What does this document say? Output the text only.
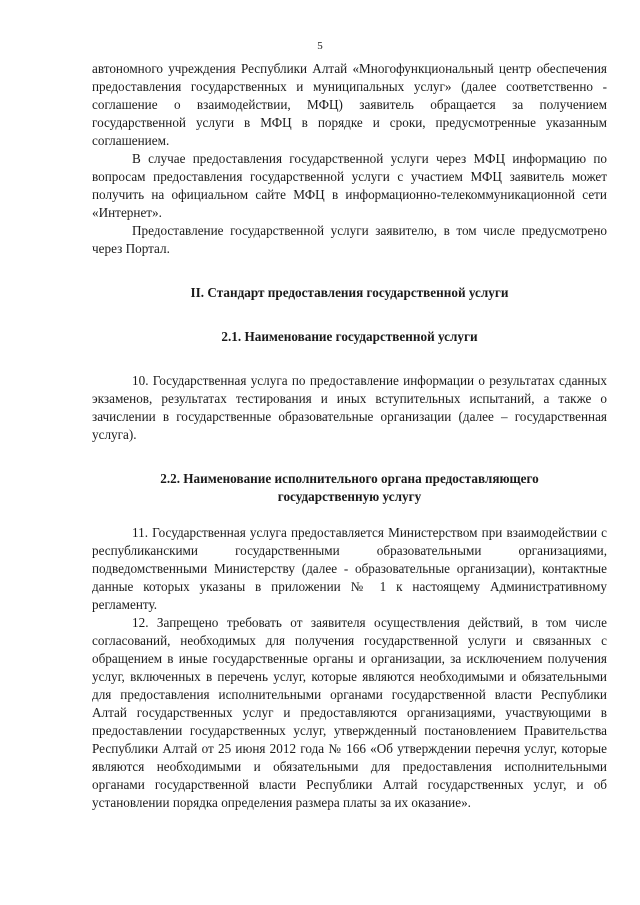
5

автономного учреждения Республики Алтай «Многофункциональный центр обеспечения предоставления государственных и муниципальных услуг» (далее соответственно - соглашение о взаимодействии, МФЦ) заявитель обращается за получением государственной услуги в МФЦ в порядке и сроки, предусмотренные указанным соглашением.

В случае предоставления государственной услуги через МФЦ информацию по вопросам предоставления государственной услуги с участием МФЦ заявитель может получить на официальном сайте МФЦ в информационно-телекоммуникационной сети «Интернет».

Предоставление государственной услуги заявителю, в том числе предусмотрено через Портал.

II. Стандарт предоставления государственной услуги
2.1. Наименование государственной услуги

10. Государственная услуга по предоставление информации о результатах сданных экзаменов, результатах тестирования и иных вступительных испытаний, а также о зачислении в государственные образовательные организации (далее – государственная услуга).

2.2. Наименование исполнительного органа предоставляющего
государственную услугу

11. Государственная услуга предоставляется Министерством при взаимодействии с республиканскими государственными образовательными организациями, подведомственными Министерству (далее - образовательные организации), контактные данные которых указаны в приложении № 1 к настоящему Административному регламенту.

12. Запрещено требовать от заявителя осуществления действий, в том числе согласований, необходимых для получения государственной услуги и связанных с обращением в иные государственные органы и организации, за исключением получения услуг, включенных в перечень услуг, которые являются необходимыми и обязательными для предоставления исполнительными органами государственной власти Республики Алтай государственных услуг и предоставляются организациями, участвующими в предоставлении государственных услуг, утвержденный постановлением Правительства Республики Алтай от 25 июня 2012 года № 166 «Об утверждении перечня услуг, которые являются необходимыми и обязательными для предоставления исполнительными органами государственной власти Республики Алтай государственных услуг, и об установлении порядка определения размера платы за их оказание».
